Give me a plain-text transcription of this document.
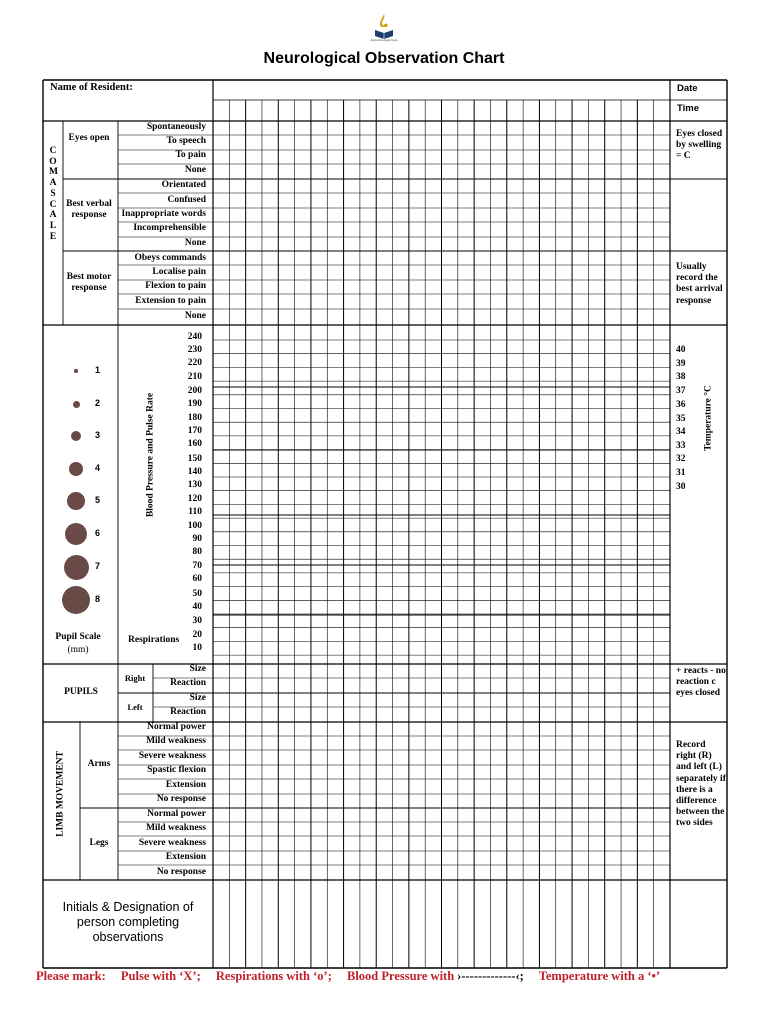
Adventist Aged Care
Neurological Observation Chart
Name of Resident:	Date
Time
COMA SCALE
Eyes open
Spontaneously
To speech
To pain
None
Eyes closed by swelling = C
Best verbal response
Orientated
Confused
Inappropriate words
Incomprehensible
None
Best motor response
Obeys commands
Localise pain
Flexion to pain
Extension to pain
None
Usually record the best arrival response
Blood Pressure and Pulse Rate
240
230
220
210
200
190
180
170
160
150
140
130
120
110
100
90
80
70
60
50
40
30
20
10
Respirations
1
2
3
4
5
6
7
8
Pupil Scale
(mm)
40
39
38
37
36
35
34
33
32
31
30
Temperature °C
PUPILS
Right
Left
Size
Reaction
Size
Reaction
+ reacts - no reaction c eyes closed
LIMB MOVEMENT	Arms
Legs
Normal power
Mild weakness
Severe weakness
Spastic flexion
Extension
No response
Normal power
Mild weakness
Severe weakness
Extension
No response
Record right (R) and left (L) separately if there is a difference between the two sides
Initials & Designation of person completing observations
Please mark: Pulse with ‘X’; Respirations with ‘o’; Blood Pressure with ›-------------‹; Temperature with a ‘•’
